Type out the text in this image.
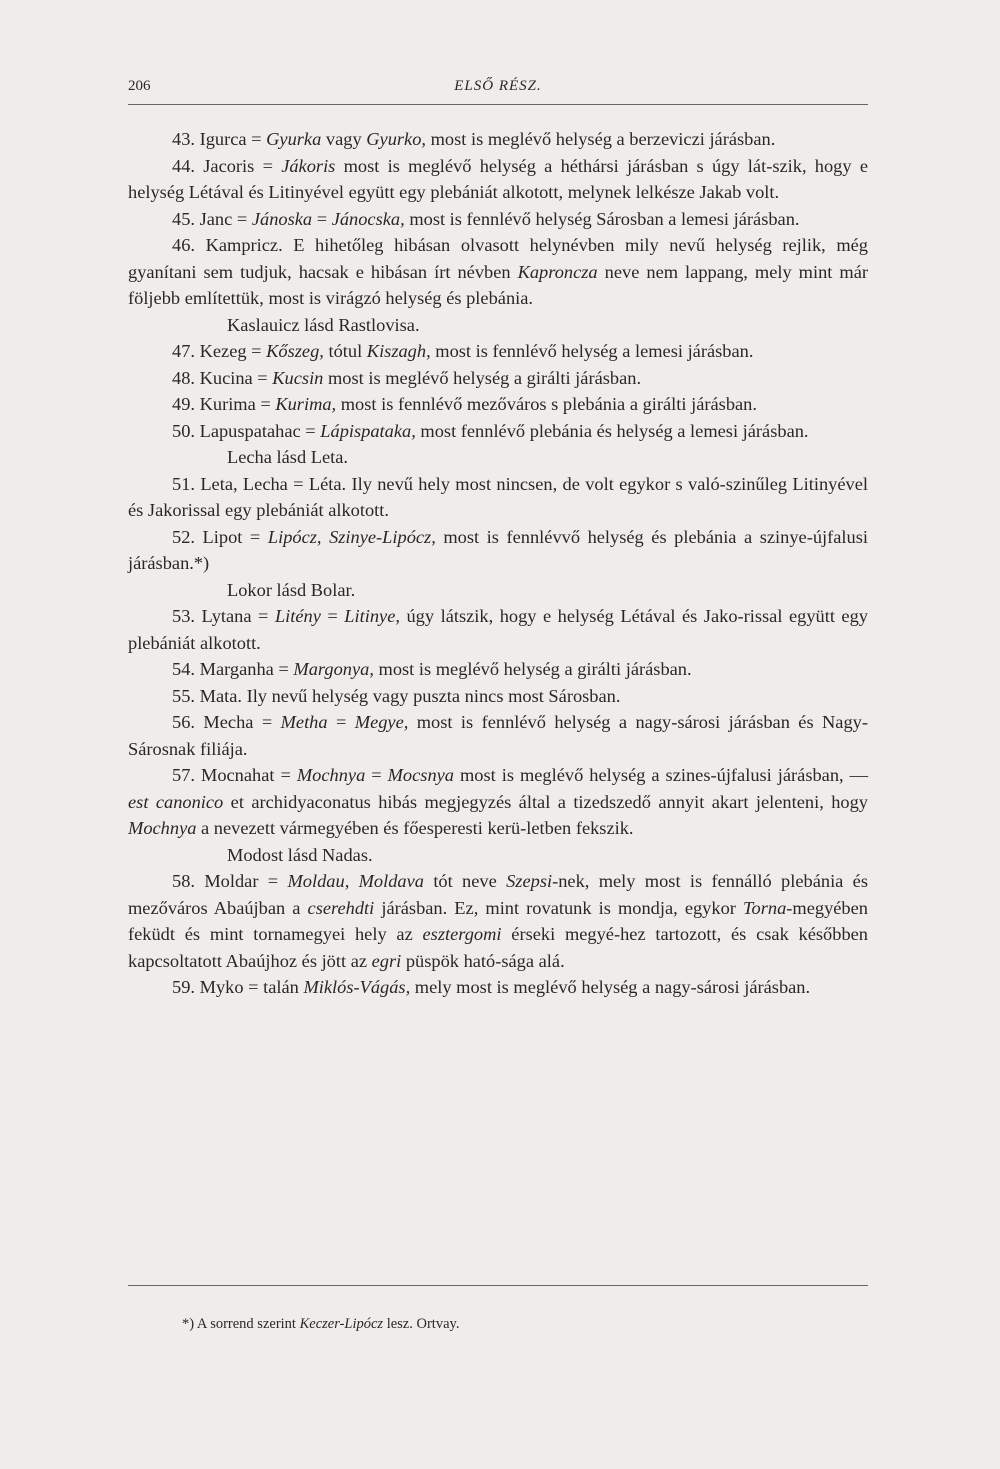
206	ELSŐ RÉSZ.

43. Igurca = Gyurka vagy Gyurko, most is meglévő helység a berzeviczi járásban.

44. Jacoris = Jákoris most is meglévő helység a héthársi járásban s úgy lát-szik, hogy e helység Létával és Litinyével együtt egy plebániát alkotott, melynek lelkésze Jakab volt.

45. Janc = Jánoska = Jánocska, most is fennlévő helység Sárosban a lemesi járásban.

46. Kampricz. E hihetőleg hibásan olvasott helynévben mily nevű helység rejlik, még gyanítani sem tudjuk, hacsak e hibásan írt névben Kaproncza neve nem lappang, mely mint már följebb említettük, most is virágzó helység és plebánia.

Kaslauicz lásd Rastlovisa.

47. Kezeg = Kőszeg, tótul Kiszagh, most is fennlévő helység a lemesi járásban.

48. Kucina = Kucsin most is meglévő helység a girálti járásban.

49. Kurima = Kurima, most is fennlévő mezőváros s plebánia a girálti járásban.

50. Lapuspatahac = Lápispataka, most fennlévő plebánia és helység a lemesi járásban.

Lecha lásd Leta.

51. Leta, Lecha = Léta. Ily nevű hely most nincsen, de volt egykor s való-szinűleg Litinyével és Jakorissal egy plebániát alkotott.

52. Lipot = Lipócz, Szinye-Lipócz, most is fennlévvő helység és plebánia a szinye-újfalusi járásban.*)

Lokor lásd Bolar.

53. Lytana = Litény = Litinye, úgy látszik, hogy e helység Létával és Jako-rissal együtt egy plebániát alkotott.

54. Marganha = Margonya, most is meglévő helység a girálti járásban.

55. Mata. Ily nevű helység vagy puszta nincs most Sárosban.

56. Mecha = Metha = Megye, most is fennlévő helység a nagy-sárosi járásban és Nagy-Sárosnak filiája.

57. Mocnahat = Mochnya = Mocsnya most is meglévő helység a szines-újfalusi járásban, — est canonico et archidyaconatus hibás megjegyzés által a tizedszedő annyit akart jelenteni, hogy Mochnya a nevezett vármegyében és főesperesti kerü-letben fekszik.

Modost lásd Nadas.

58. Moldar = Moldau, Moldava tót neve Szepsi-nek, mely most is fennálló plebánia és mezőváros Abaújban a cserehdti járásban. Ez, mint rovatunk is mondja, egykor Torna-megyében feküdt és mint tornamegyei hely az esztergomi érseki megyé-hez tartozott, és csak későbben kapcsoltatott Abaújhoz és jött az egri püspök ható-sága alá.

59. Myko = talán Miklós-Vágás, mely most is meglévő helység a nagy-sárosi járásban.

*) A sorrend szerint Keczer-Lipócz lesz. Ortvay.
